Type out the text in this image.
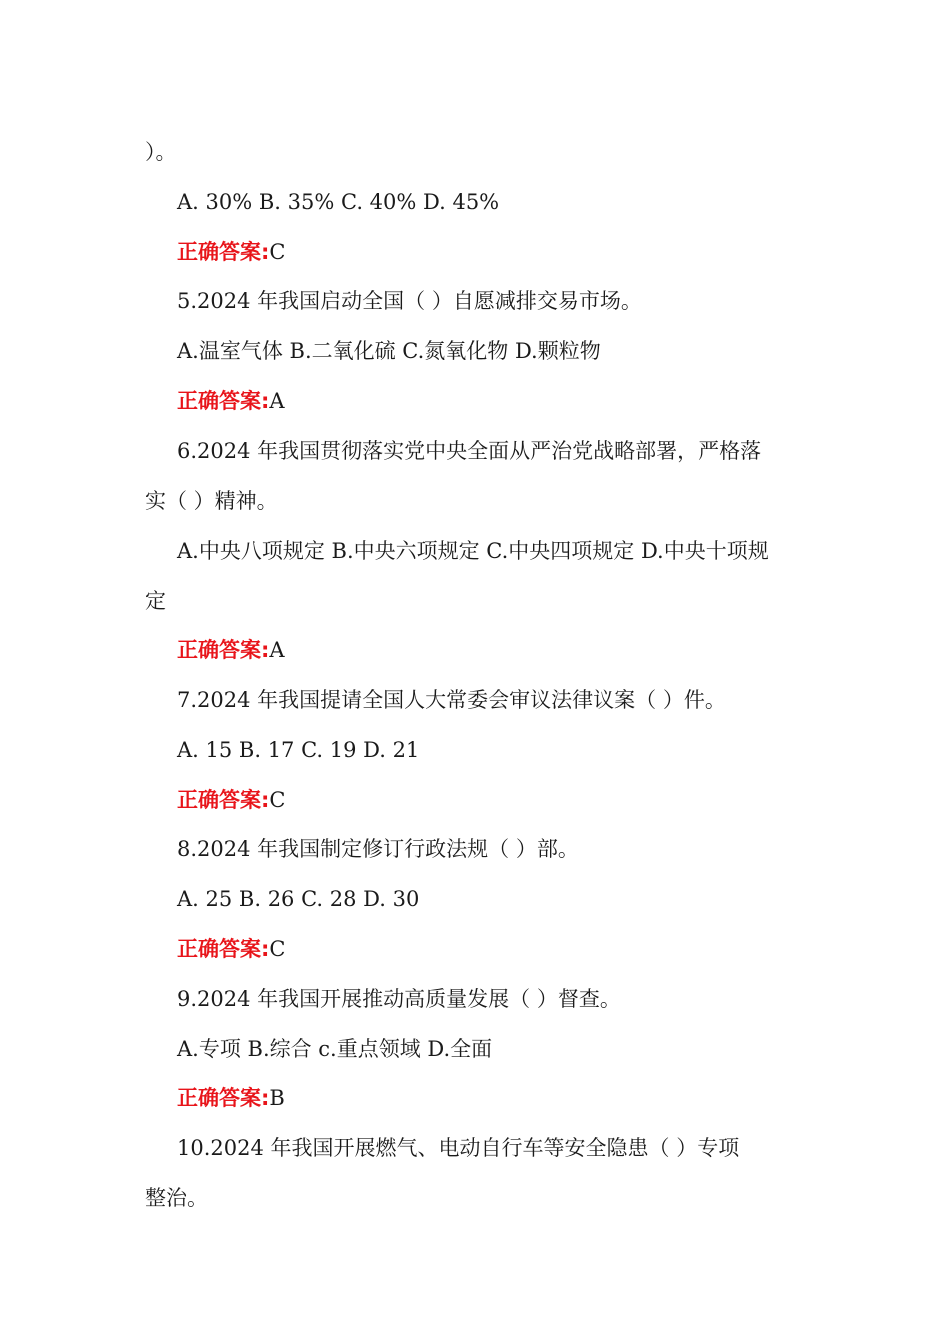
）。
A. 30% B. 35% C. 40% D. 45%
正确答案:C
5.2024 年我国启动全国（ ）自愿减排交易市场。
A.温室气体 B.二氧化硫 C.氮氧化物 D.颗粒物
正确答案:A
6.2024 年我国贯彻落实党中央全面从严治党战略部署，严格落
实（ ）精神。
A.中央八项规定 B.中央六项规定 C.中央四项规定 D.中央十项规
定
正确答案:A
7.2024 年我国提请全国人大常委会审议法律议案（ ）件。
A. 15 B. 17 C. 19 D. 21
正确答案:C
8.2024 年我国制定修订行政法规（ ）部。
A. 25 B. 26 C. 28 D. 30
正确答案:C
9.2024 年我国开展推动高质量发展（ ）督查。
A.专项 B.综合 c.重点领域 D.全面
正确答案:B
10.2024 年我国开展燃气、电动自行车等安全隐患（ ）专项
整治。
